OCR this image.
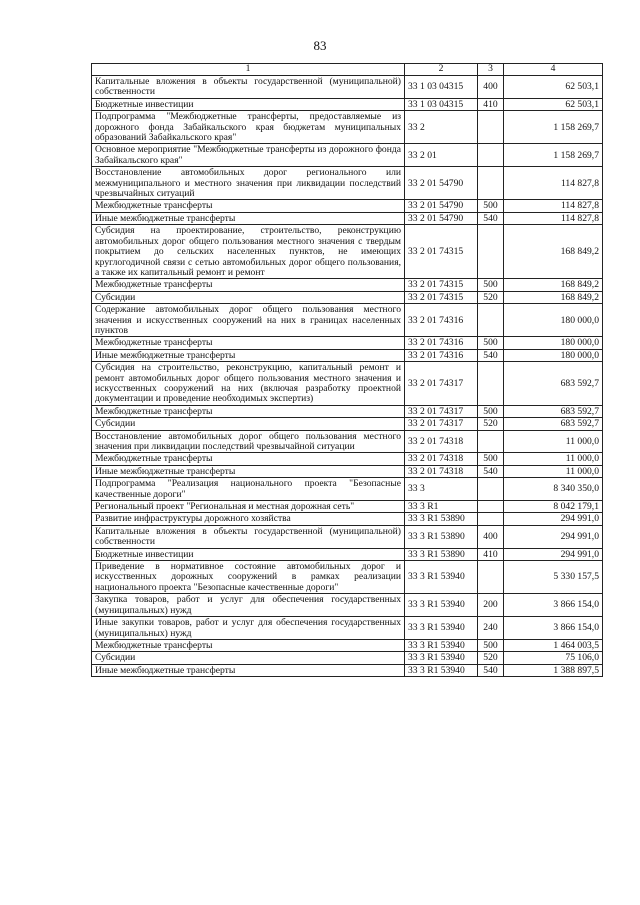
83
1	2	3	4
Капитальные вложения в объекты государственной (муниципальной) собственности	33 1 03 04315	400	62 503,1
Бюджетные инвестиции	33 1 03 04315	410	62 503,1
Подпрограмма "Межбюджетные трансферты, предоставляемые из дорожного фонда Забайкальского края бюджетам муниципальных образований Забайкальского края"	33 2		1 158 269,7
Основное мероприятие "Межбюджетные трансферты из дорожного фонда Забайкальского края"	33 2 01		1 158 269,7
Восстановление автомобильных дорог регионального или межмуниципального и местного значения при ликвидации последствий чрезвычайных ситуаций	33 2 01 54790		114 827,8
Межбюджетные трансферты	33 2 01 54790	500	114 827,8
Иные межбюджетные трансферты	33 2 01 54790	540	114 827,8
Субсидия на проектирование, строительство, реконструкцию автомобильных дорог общего пользования местного значения с твердым покрытием до сельских населенных пунктов, не имеющих круглогодичной связи с сетью автомобильных дорог общего пользования, а также их капитальный ремонт и ремонт	33 2 01 74315		168 849,2
Межбюджетные трансферты	33 2 01 74315	500	168 849,2
Субсидии	33 2 01 74315	520	168 849,2
Содержание автомобильных дорог общего пользования местного значения и искусственных сооружений на них в границах населенных пунктов	33 2 01 74316		180 000,0
Межбюджетные трансферты	33 2 01 74316	500	180 000,0
Иные межбюджетные трансферты	33 2 01 74316	540	180 000,0
Субсидия на строительство, реконструкцию, капитальный ремонт и ремонт автомобильных дорог общего пользования местного значения и искусственных сооружений на них (включая разработку проектной документации и проведение необходимых экспертиз)	33 2 01 74317		683 592,7
Межбюджетные трансферты	33 2 01 74317	500	683 592,7
Субсидии	33 2 01 74317	520	683 592,7
Восстановление автомобильных дорог общего пользования местного значения при ликвидации последствий чрезвычайной ситуации	33 2 01 74318		11 000,0
Межбюджетные трансферты	33 2 01 74318	500	11 000,0
Иные межбюджетные трансферты	33 2 01 74318	540	11 000,0
Подпрограмма "Реализация национального проекта "Безопасные качественные дороги"	33 3		8 340 350,0
Региональный проект "Региональная и местная дорожная сеть"	33 3 R1		8 042 179,1
Развитие инфраструктуры дорожного хозяйства	33 3 R1 53890		294 991,0
Капитальные вложения в объекты государственной (муниципальной) собственности	33 3 R1 53890	400	294 991,0
Бюджетные инвестиции	33 3 R1 53890	410	294 991,0
Приведение в нормативное состояние автомобильных дорог и искусственных дорожных сооружений в рамках реализации национального проекта "Безопасные качественные дороги"	33 3 R1 53940		5 330 157,5
Закупка товаров, работ и услуг для обеспечения государственных (муниципальных) нужд	33 3 R1 53940	200	3 866 154,0
Иные закупки товаров, работ и услуг для обеспечения государственных (муниципальных) нужд	33 3 R1 53940	240	3 866 154,0
Межбюджетные трансферты	33 3 R1 53940	500	1 464 003,5
Субсидии	33 3 R1 53940	520	75 106,0
Иные межбюджетные трансферты	33 3 R1 53940	540	1 388 897,5
